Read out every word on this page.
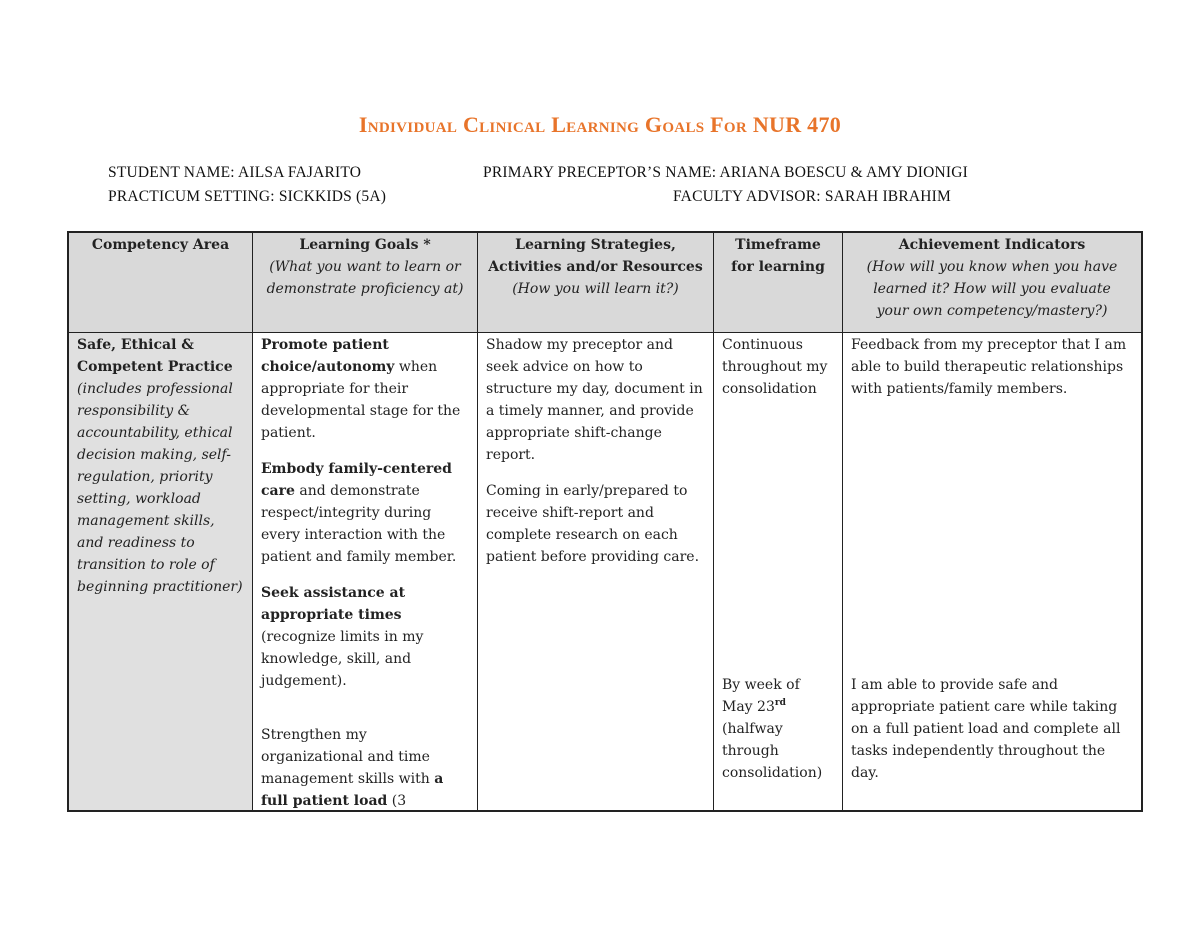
Individual Clinical Learning Goals For NUR 470
STUDENT NAME: AILSA FAJARITO	PRIMARY PRECEPTOR’S NAME: ARIANA BOESCU & AMY DIONIGI
PRACTICUM SETTING: SICKKIDS (5A)	FACULTY ADVISOR: SARAH IBRAHIM
Competency Area
Safe, Ethical & Competent Practice
(includes professional responsibility & accountability, ethical decision making, self-regulation, priority setting, workload management skills, and readiness to transition to role of beginning practitioner)
Learning Goals *
(What you want to learn or demonstrate proficiency at)
Promote patient choice/autonomy when appropriate for their developmental stage for the patient.
Embody family-centered care and demonstrate respect/integrity during every interaction with the patient and family member.
Seek assistance at appropriate times (recognize limits in my knowledge, skill, and judgement).
Strengthen my organizational and time management skills with a full patient load (3
Learning Strategies, Activities and/or Resources
(How you will learn it?)
Shadow my preceptor and seek advice on how to structure my day, document in a timely manner, and provide appropriate shift-change report.
Coming in early/prepared to receive shift-report and complete research on each patient before providing care.
Timeframe for learning
Continuous throughout my consolidation
By week of May 23rd (halfway through consolidation)
Achievement Indicators
(How will you know when you have learned it? How will you evaluate your own competency/mastery?)
Feedback from my preceptor that I am able to build therapeutic relationships with patients/family members.
I am able to provide safe and appropriate patient care while taking on a full patient load and complete all tasks independently throughout the day.
